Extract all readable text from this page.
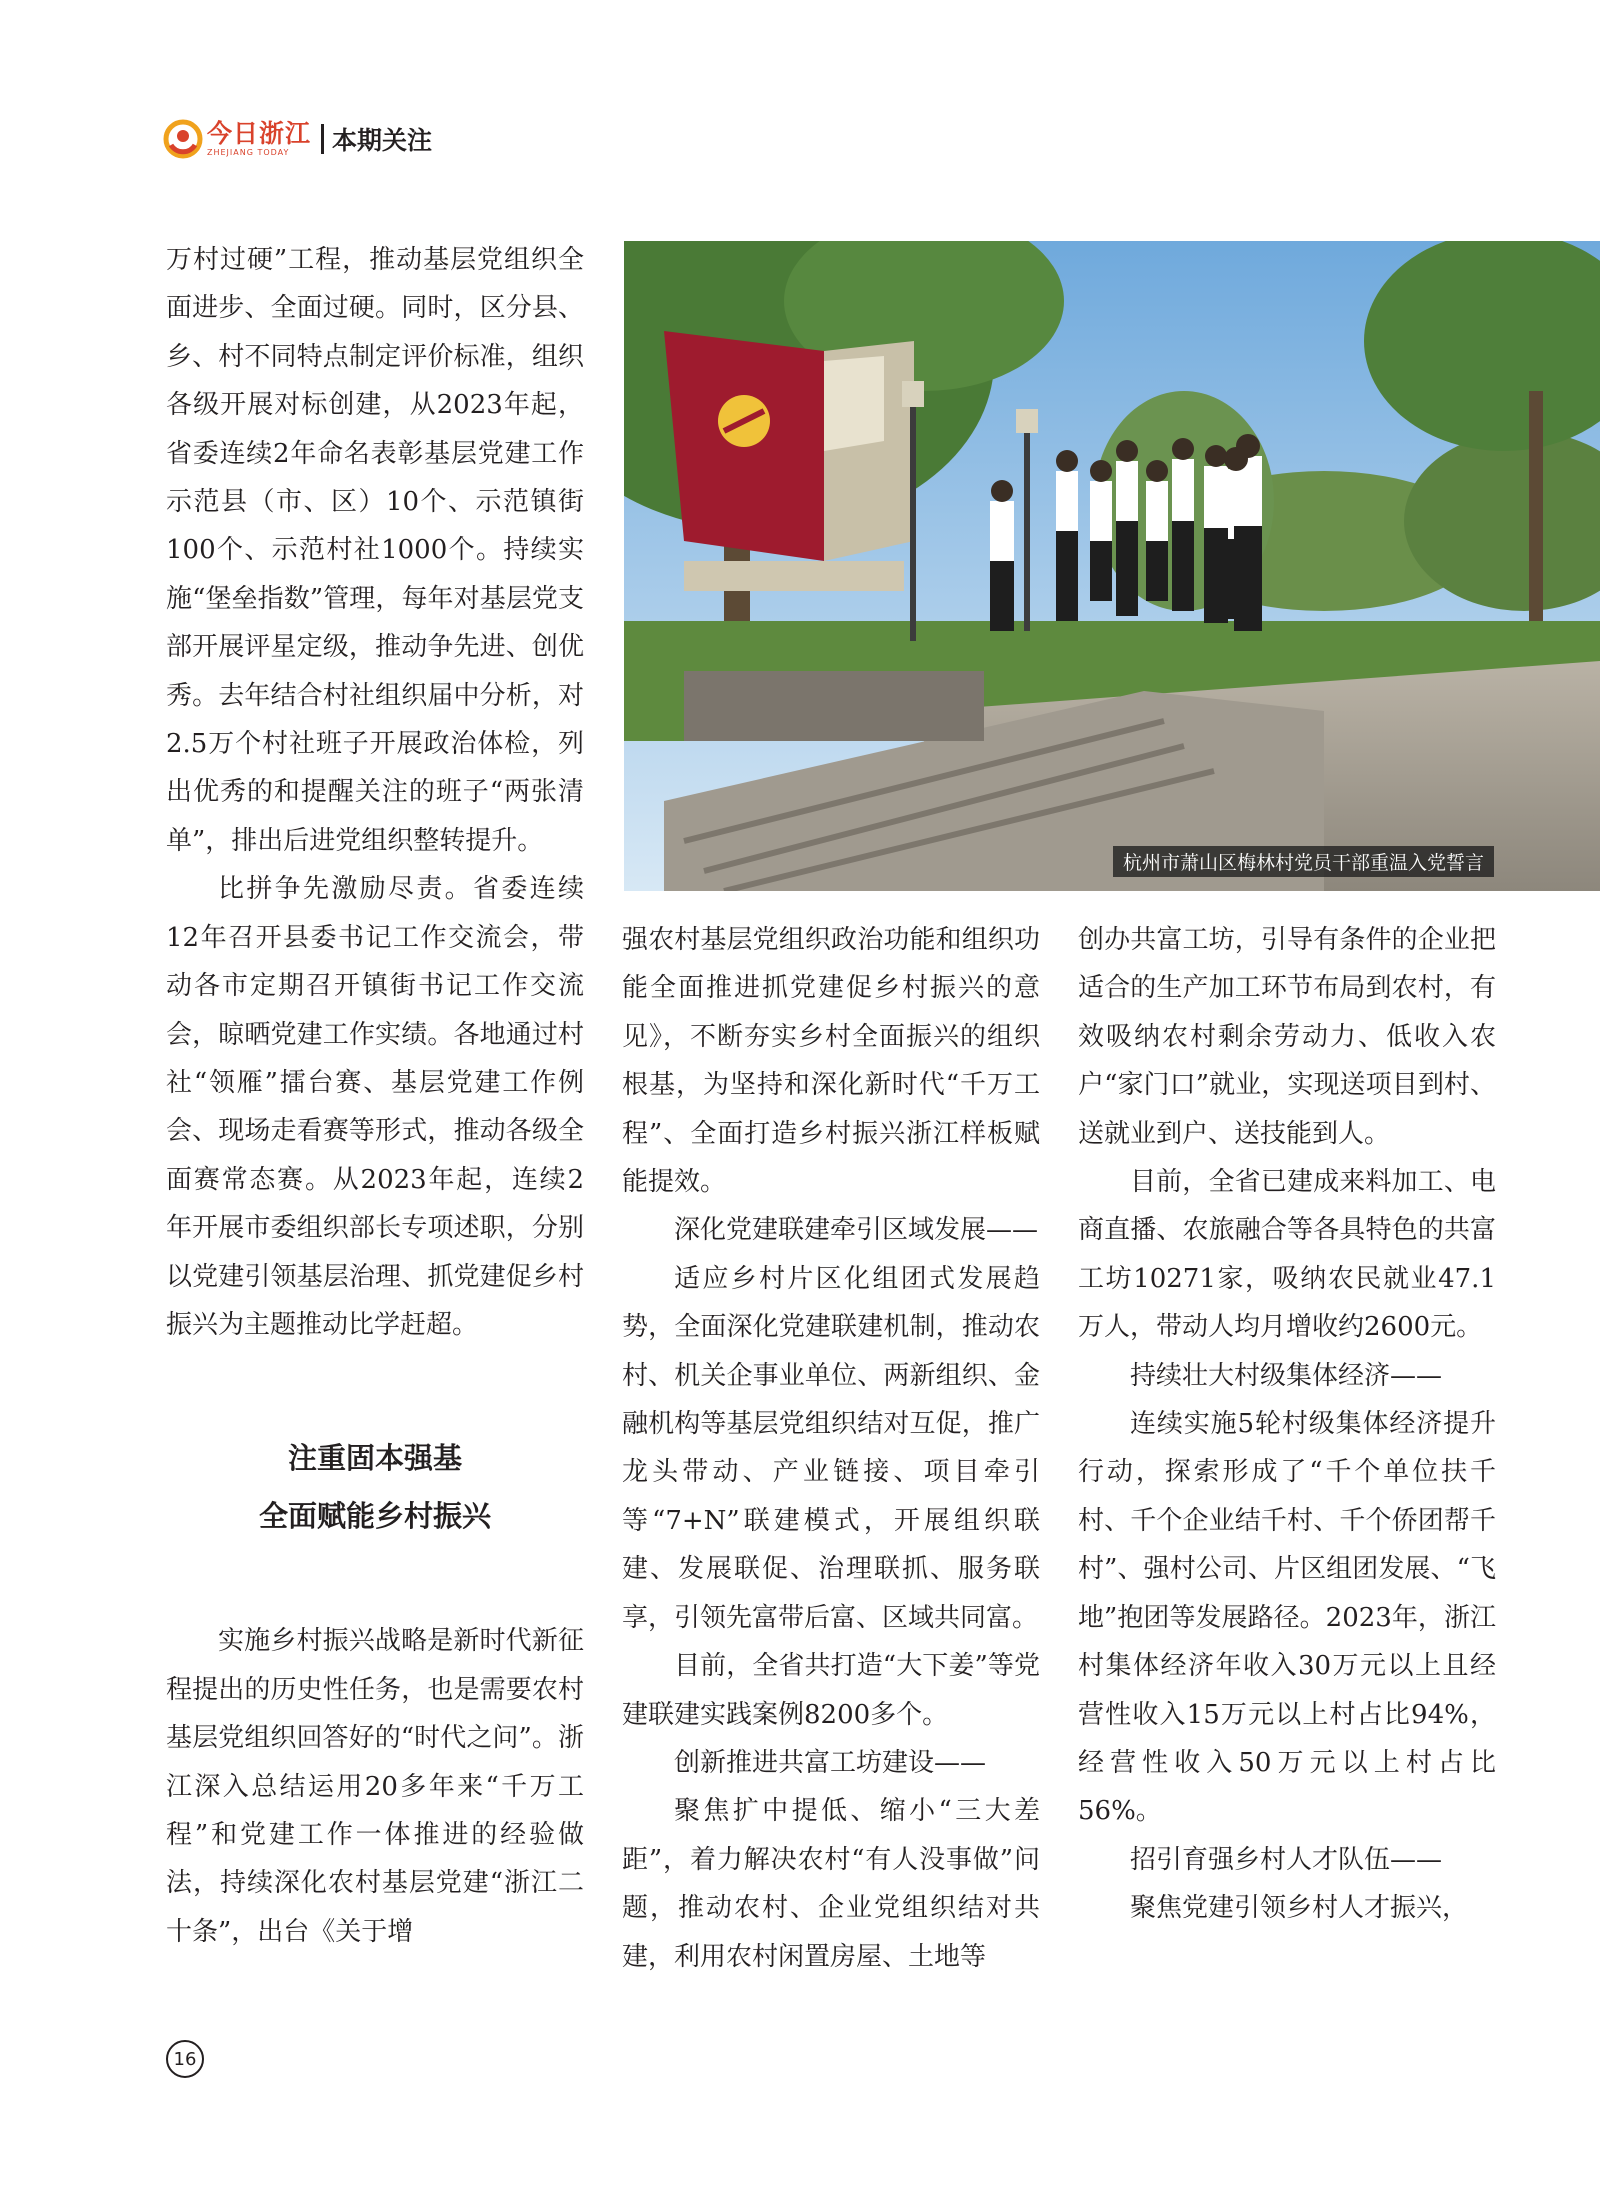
今日浙江
ZHEJIANG TODAY	本期关注

万村过硬”工程，推动基层党组织全面进步、全面过硬。同时，区分县、乡、村不同特点制定评价标准，组织各级开展对标创建，从2023年起，省委连续2年命名表彰基层党建工作示范县（市、区）10个、示范镇街100个、示范村社1000个。持续实施“堡垒指数”管理，每年对基层党支部开展评星定级，推动争先进、创优秀。去年结合村社组织届中分析，对2.5万个村社班子开展政治体检，列出优秀的和提醒关注的班子“两张清单”，排出后进党组织整转提升。

比拼争先激励尽责。省委连续12年召开县委书记工作交流会，带动各市定期召开镇街书记工作交流会，晾晒党建工作实绩。各地通过村社“领雁”擂台赛、基层党建工作例会、现场走看赛等形式，推动各级全面赛常态赛。从2023年起，连续2年开展市委组织部长专项述职，分别以党建引领基层治理、抓党建促乡村振兴为主题推动比学赶超。

注重固本强基
全面赋能乡村振兴

实施乡村振兴战略是新时代新征程提出的历史性任务，也是需要农村基层党组织回答好的“时代之问”。浙江深入总结运用20多年来“千万工程”和党建工作一体推进的经验做法，持续深化农村基层党建“浙江二十条”，出台《关于增

杭州市萧山区梅林村党员干部重温入党誓言

强农村基层党组织政治功能和组织功能全面推进抓党建促乡村振兴的意见》，不断夯实乡村全面振兴的组织根基，为坚持和深化新时代“千万工程”、全面打造乡村振兴浙江样板赋能提效。

深化党建联建牵引区域发展——

适应乡村片区化组团式发展趋势，全面深化党建联建机制，推动农村、机关企事业单位、两新组织、金融机构等基层党组织结对互促，推广龙头带动、产业链接、项目牵引等“7+N”联建模式，开展组织联建、发展联促、治理联抓、服务联享，引领先富带后富、区域共同富。

目前，全省共打造“大下姜”等党建联建实践案例8200多个。

创新推进共富工坊建设——

聚焦扩中提低、缩小“三大差距”，着力解决农村“有人没事做”问题，推动农村、企业党组织结对共建，利用农村闲置房屋、土地等

创办共富工坊，引导有条件的企业把适合的生产加工环节布局到农村，有效吸纳农村剩余劳动力、低收入农户“家门口”就业，实现送项目到村、送就业到户、送技能到人。

目前，全省已建成来料加工、电商直播、农旅融合等各具特色的共富工坊10271家，吸纳农民就业47.1万人，带动人均月增收约2600元。

持续壮大村级集体经济——

连续实施5轮村级集体经济提升行动，探索形成了“千个单位扶千村、千个企业结千村、千个侨团帮千村”、强村公司、片区组团发展、“飞地”抱团等发展路径。2023年，浙江村集体经济年收入30万元以上且经营性收入15万元以上村占比94%，经营性收入50万元以上村占比56%。

招引育强乡村人才队伍——

聚焦党建引领乡村人才振兴，

16
